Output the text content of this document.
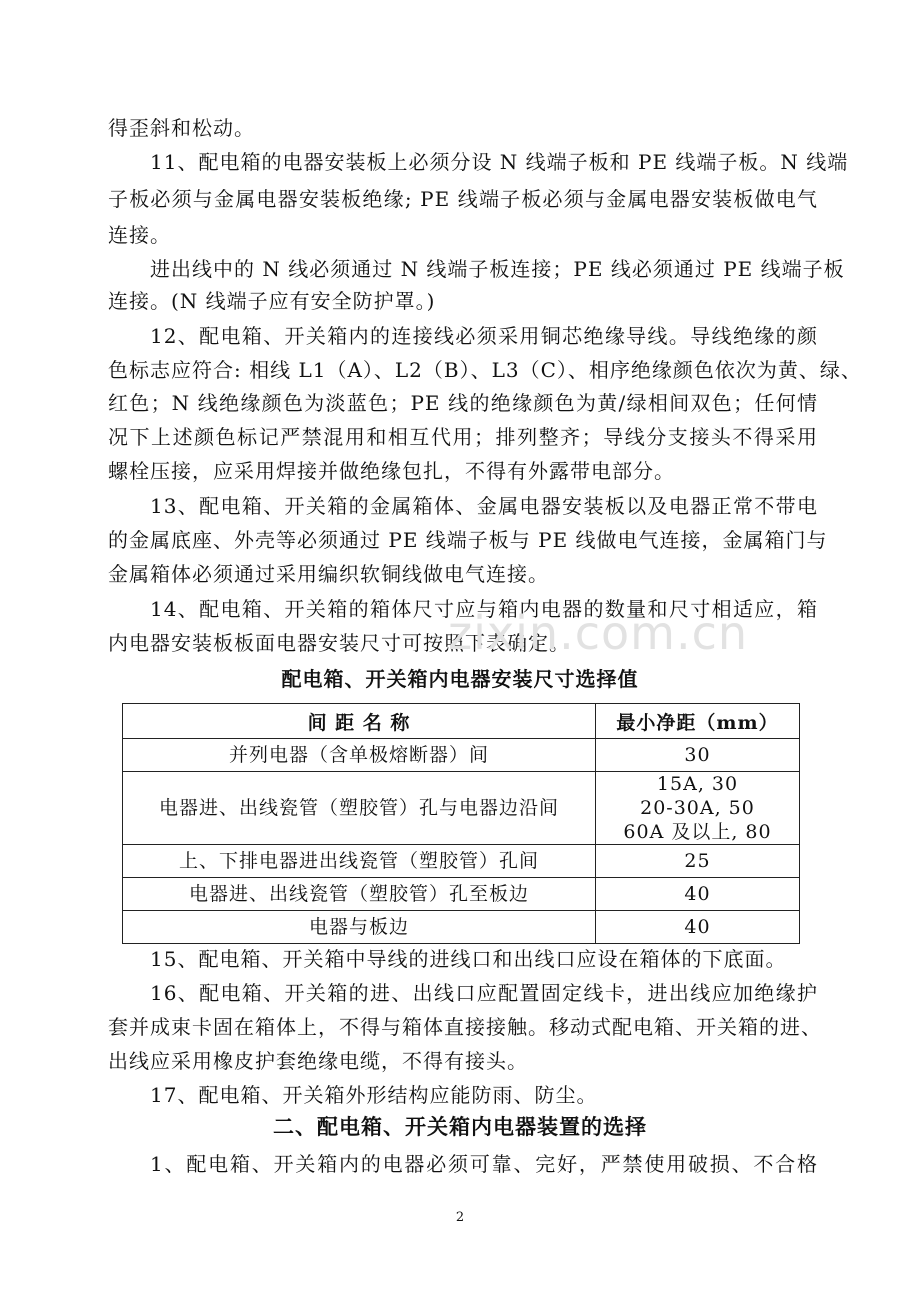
得歪斜和松动。
11、配电箱的电器安装板上必须分设 N 线端子板和 PE 线端子板。N 线端
子板必须与金属电器安装板绝缘; PE 线端子板必须与金属电器安装板做电气
连接。
进出线中的 N 线必须通过 N 线端子板连接；PE 线必须通过 PE 线端子板
连接。(N 线端子应有安全防护罩。)
12、配电箱、开关箱内的连接线必须采用铜芯绝缘导线。导线绝缘的颜
色标志应符合: 相线 L1（A）、L2（B）、L3（C）、相序绝缘颜色依次为黄、绿、
红色；N 线绝缘颜色为淡蓝色；PE 线的绝缘颜色为黄/绿相间双色；任何情
况下上述颜色标记严禁混用和相互代用；排列整齐；导线分支接头不得采用
螺栓压接，应采用焊接并做绝缘包扎，不得有外露带电部分。
13、配电箱、开关箱的金属箱体、金属电器安装板以及电器正常不带电
的金属底座、外壳等必须通过 PE 线端子板与 PE 线做电气连接，金属箱门与
金属箱体必须通过采用编织软铜线做电气连接。
14、配电箱、开关箱的箱体尺寸应与箱内电器的数量和尺寸相适应，箱
内电器安装板板面电器安装尺寸可按照下表确定。
zixin.com.cn
配电箱、开关箱内电器安装尺寸选择值
间 距 名 称	最小净距（mm）
并列电器（含单极熔断器）间	30

电器进、出线瓷管（塑胶管）孔与电器边沿间	15A, 30
20-30A, 50
60A 及以上, 80

上、下排电器进出线瓷管（塑胶管）孔间	25

电器进、出线瓷管（塑胶管）孔至板边	40

电器与板边	40
15、配电箱、开关箱中导线的进线口和出线口应设在箱体的下底面。
16、配电箱、开关箱的进、出线口应配置固定线卡，进出线应加绝缘护
套并成束卡固在箱体上，不得与箱体直接接触。移动式配电箱、开关箱的进、
出线应采用橡皮护套绝缘电缆，不得有接头。
17、配电箱、开关箱外形结构应能防雨、防尘。
二、配电箱、开关箱内电器装置的选择
1、配电箱、开关箱内的电器必须可靠、完好，严禁使用破损、不合格
2
